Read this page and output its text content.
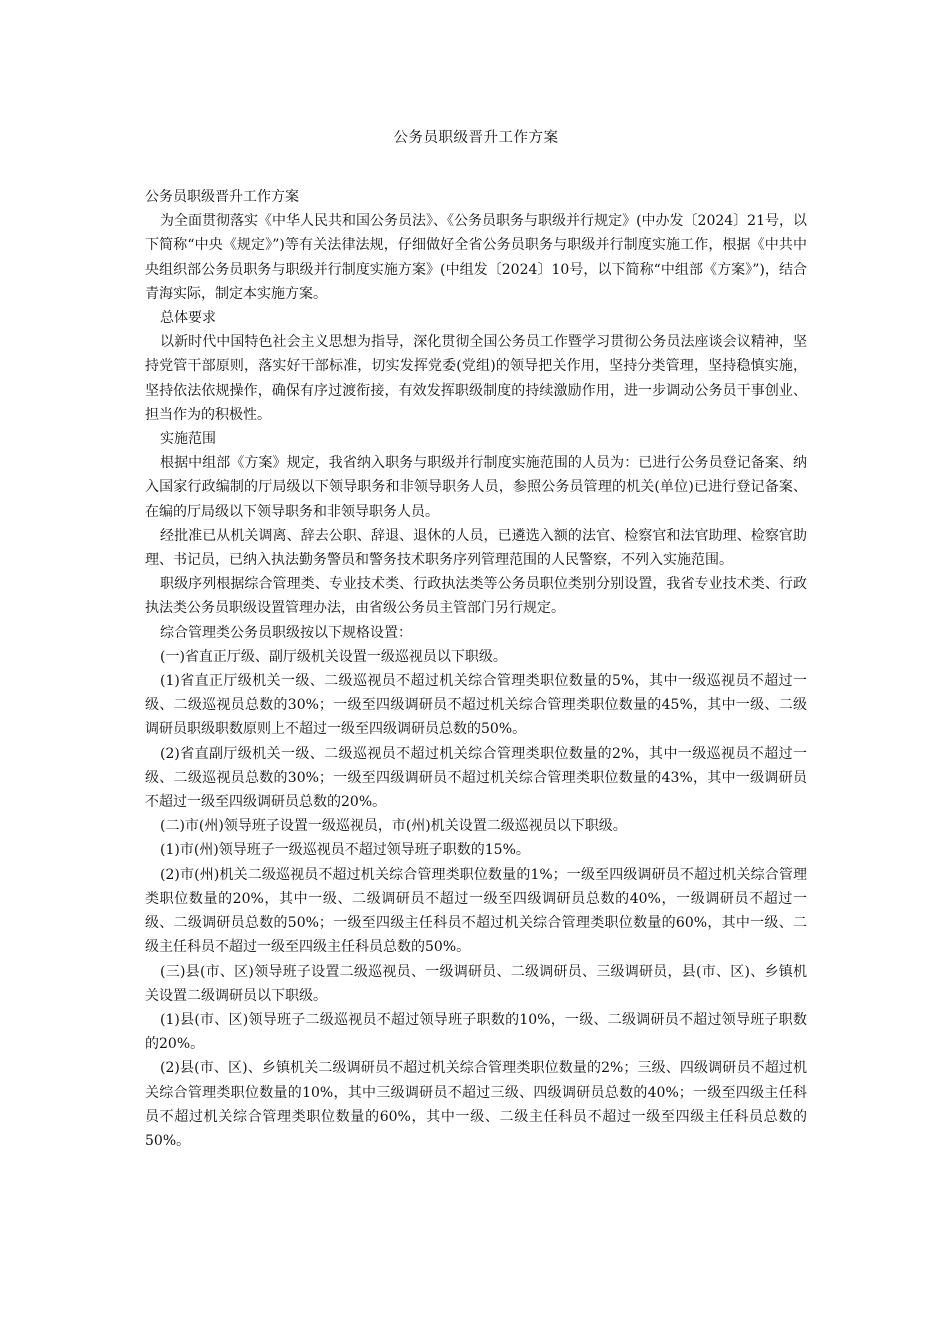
公务员职级晋升工作方案

公务员职级晋升工作方案

为全面贯彻落实《中华人民共和国公务员法》、《公务员职务与职级并行规定》(中办发〔2024〕21号，以下简称“中央《规定》”)等有关法律法规，仔细做好全省公务员职务与职级并行制度实施工作，根据《中共中央组织部公务员职务与职级并行制度实施方案》(中组发〔2024〕10号，以下简称“中组部《方案》”)，结合青海实际，制定本实施方案。

总体要求

以新时代中国特色社会主义思想为指导，深化贯彻全国公务员工作暨学习贯彻公务员法座谈会议精神，坚持党管干部原则，落实好干部标准，切实发挥党委(党组)的领导把关作用，坚持分类管理，坚持稳慎实施，坚持依法依规操作，确保有序过渡衔接，有效发挥职级制度的持续激励作用，进一步调动公务员干事创业、担当作为的积极性。

实施范围

根据中组部《方案》规定，我省纳入职务与职级并行制度实施范围的人员为：已进行公务员登记备案、纳入国家行政编制的厅局级以下领导职务和非领导职务人员，参照公务员管理的机关(单位)已进行登记备案、在编的厅局级以下领导职务和非领导职务人员。

经批准已从机关调离、辞去公职、辞退、退休的人员，已遴选入额的法官、检察官和法官助理、检察官助理、书记员，已纳入执法勤务警员和警务技术职务序列管理范围的人民警察，不列入实施范围。

职级序列根据综合管理类、专业技术类、行政执法类等公务员职位类别分别设置，我省专业技术类、行政执法类公务员职级设置管理办法，由省级公务员主管部门另行规定。

综合管理类公务员职级按以下规格设置：

(一)省直正厅级、副厅级机关设置一级巡视员以下职级。

(1)省直正厅级机关一级、二级巡视员不超过机关综合管理类职位数量的5%，其中一级巡视员不超过一级、二级巡视员总数的30%；一级至四级调研员不超过机关综合管理类职位数量的45%，其中一级、二级调研员职级职数原则上不超过一级至四级调研员总数的50%。

(2)省直副厅级机关一级、二级巡视员不超过机关综合管理类职位数量的2%，其中一级巡视员不超过一级、二级巡视员总数的30%；一级至四级调研员不超过机关综合管理类职位数量的43%，其中一级调研员不超过一级至四级调研员总数的20%。

(二)市(州)领导班子设置一级巡视员，市(州)机关设置二级巡视员以下职级。

(1)市(州)领导班子一级巡视员不超过领导班子职数的15%。

(2)市(州)机关二级巡视员不超过机关综合管理类职位数量的1%；一级至四级调研员不超过机关综合管理类职位数量的20%，其中一级、二级调研员不超过一级至四级调研员总数的40%，一级调研员不超过一级、二级调研员总数的50%；一级至四级主任科员不超过机关综合管理类职位数量的60%，其中一级、二级主任科员不超过一级至四级主任科员总数的50%。

(三)县(市、区)领导班子设置二级巡视员、一级调研员、二级调研员、三级调研员，县(市、区)、乡镇机关设置二级调研员以下职级。

(1)县(市、区)领导班子二级巡视员不超过领导班子职数的10%，一级、二级调研员不超过领导班子职数的20%。

(2)县(市、区)、乡镇机关二级调研员不超过机关综合管理类职位数量的2%；三级、四级调研员不超过机关综合管理类职位数量的10%，其中三级调研员不超过三级、四级调研员总数的40%；一级至四级主任科员不超过机关综合管理类职位数量的60%，其中一级、二级主任科员不超过一级至四级主任科员总数的50%。
